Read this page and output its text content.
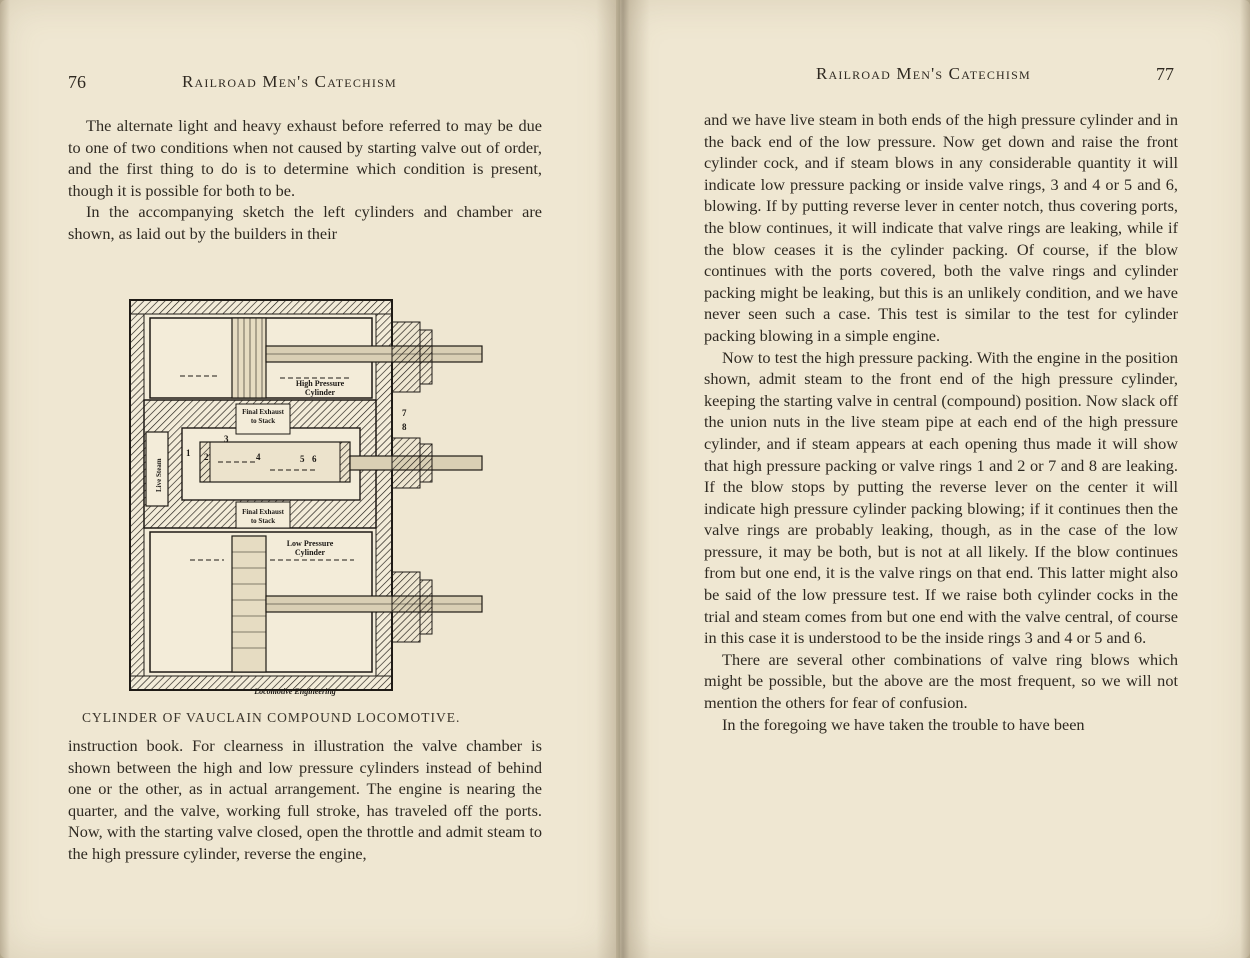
76	Railroad Men's Catechism

The alternate light and heavy exhaust before referred to may be due to one of two conditions when not caused by starting valve out of order, and the first thing to do is to determine which condition is present, though it is possible for both to be.

In the accompanying sketch the left cylinders and chamber are shown, as laid out by the builders in their

High Pressure
Cylinder
Final Exhaust
to Stack
Final Exhaust
to Stack
Low Pressure
Cylinder
Live Steam
1 2
3
4	5 6
7
8
Locomotive Engineering
CYLINDER OF VAUCLAIN COMPOUND LOCOMOTIVE.

instruction book. For clearness in illustration the valve chamber is shown between the high and low pressure cylinders instead of behind one or the other, as in actual arrangement. The engine is nearing the quarter, and the valve, working full stroke, has traveled off the ports. Now, with the starting valve closed, open the throttle and admit steam to the high pressure cylinder, reverse the engine,

Railroad Men's Catechism	77

and we have live steam in both ends of the high pressure cylinder and in the back end of the low pressure. Now get down and raise the front cylinder cock, and if steam blows in any considerable quantity it will indicate low pressure packing or inside valve rings, 3 and 4 or 5 and 6, blowing. If by putting reverse lever in center notch, thus covering ports, the blow continues, it will indicate that valve rings are leaking, while if the blow ceases it is the cylinder packing. Of course, if the blow continues with the ports covered, both the valve rings and cylinder packing might be leaking, but this is an unlikely condition, and we have never seen such a case. This test is similar to the test for cylinder packing blowing in a simple engine.

Now to test the high pressure packing. With the engine in the position shown, admit steam to the front end of the high pressure cylinder, keeping the starting valve in central (compound) position. Now slack off the union nuts in the live steam pipe at each end of the high pressure cylinder, and if steam appears at each opening thus made it will show that high pressure packing or valve rings 1 and 2 or 7 and 8 are leaking. If the blow stops by putting the reverse lever on the center it will indicate high pressure cylinder packing blowing; if it continues then the valve rings are probably leaking, though, as in the case of the low pressure, it may be both, but is not at all likely. If the blow continues from but one end, it is the valve rings on that end. This latter might also be said of the low pressure test. If we raise both cylinder cocks in the trial and steam comes from but one end with the valve central, of course in this case it is understood to be the inside rings 3 and 4 or 5 and 6.

There are several other combinations of valve ring blows which might be possible, but the above are the most frequent, so we will not mention the others for fear of confusion.

In the foregoing we have taken the trouble to have been
